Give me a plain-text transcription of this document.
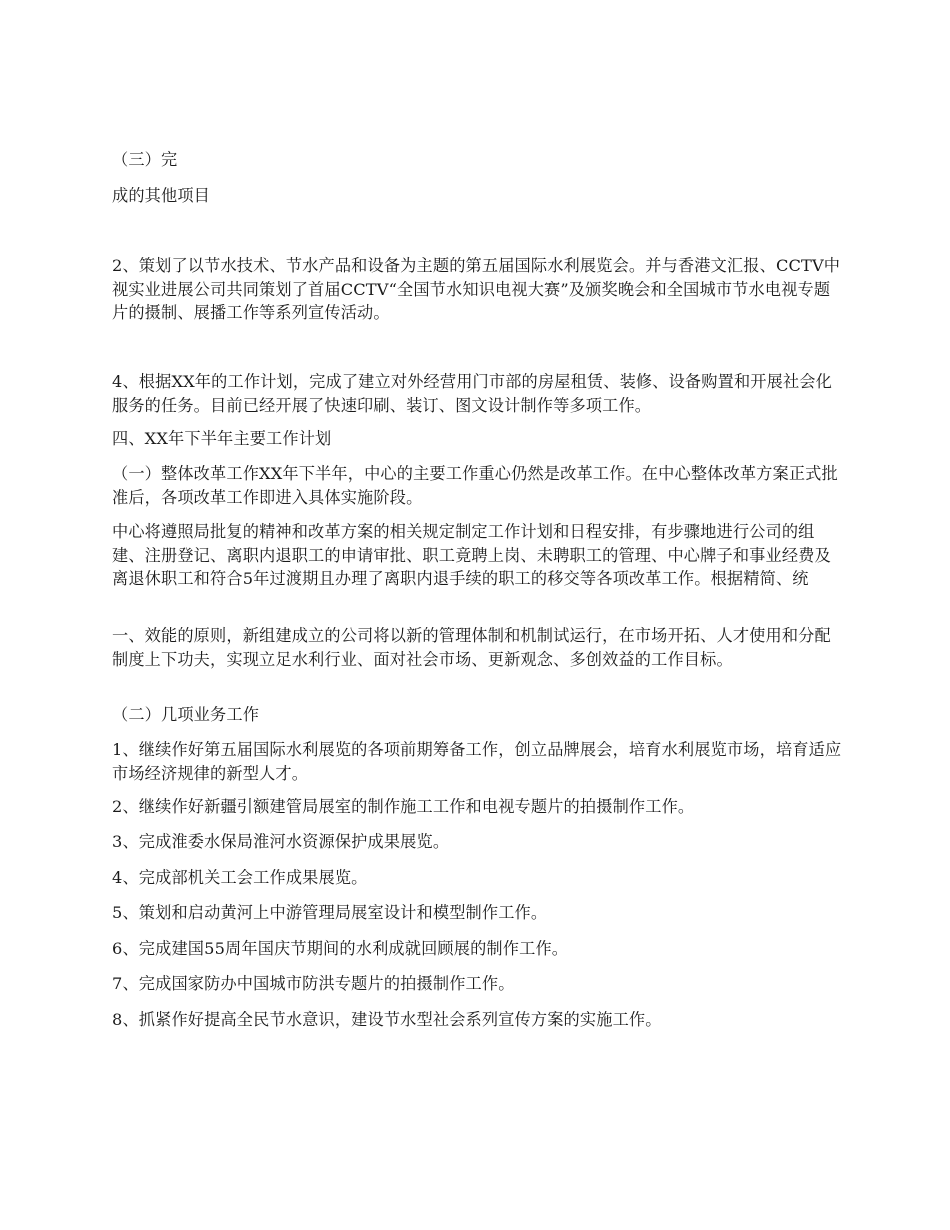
（三）完

成的其他项目

2、策划了以节水技术、节水产品和设备为主题的第五届国际水利展览会。并与香港文汇报、CCTV中视实业进展公司共同策划了首届CCTV“全国节水知识电视大赛”及颁奖晚会和全国城市节水电视专题片的摄制、展播工作等系列宣传活动。

4、根据XX年的工作计划，完成了建立对外经营用门市部的房屋租赁、装修、设备购置和开展社会化服务的任务。目前已经开展了快速印刷、装订、图文设计制作等多项工作。

四、XX年下半年主要工作计划

（一）整体改革工作XX年下半年，中心的主要工作重心仍然是改革工作。在中心整体改革方案正式批准后，各项改革工作即进入具体实施阶段。

中心将遵照局批复的精神和改革方案的相关规定制定工作计划和日程安排，有步骤地进行公司的组建、注册登记、离职内退职工的申请审批、职工竟聘上岗、未聘职工的管理、中心牌子和事业经费及离退休职工和符合5年过渡期且办理了离职内退手续的职工的移交等各项改革工作。根据精简、统

一、效能的原则，新组建成立的公司将以新的管理体制和机制试运行，在市场开拓、人才使用和分配制度上下功夫，实现立足水利行业、面对社会市场、更新观念、多创效益的工作目标。

（二）几项业务工作

1、继续作好第五届国际水利展览的各项前期筹备工作，创立品牌展会，培育水利展览市场，培育适应市场经济规律的新型人才。

2、继续作好新疆引额建管局展室的制作施工工作和电视专题片的拍摄制作工作。

3、完成淮委水保局淮河水资源保护成果展览。

4、完成部机关工会工作成果展览。

5、策划和启动黄河上中游管理局展室设计和模型制作工作。

6、完成建国55周年国庆节期间的水利成就回顾展的制作工作。

7、完成国家防办中国城市防洪专题片的拍摄制作工作。

8、抓紧作好提高全民节水意识，建设节水型社会系列宣传方案的实施工作。
